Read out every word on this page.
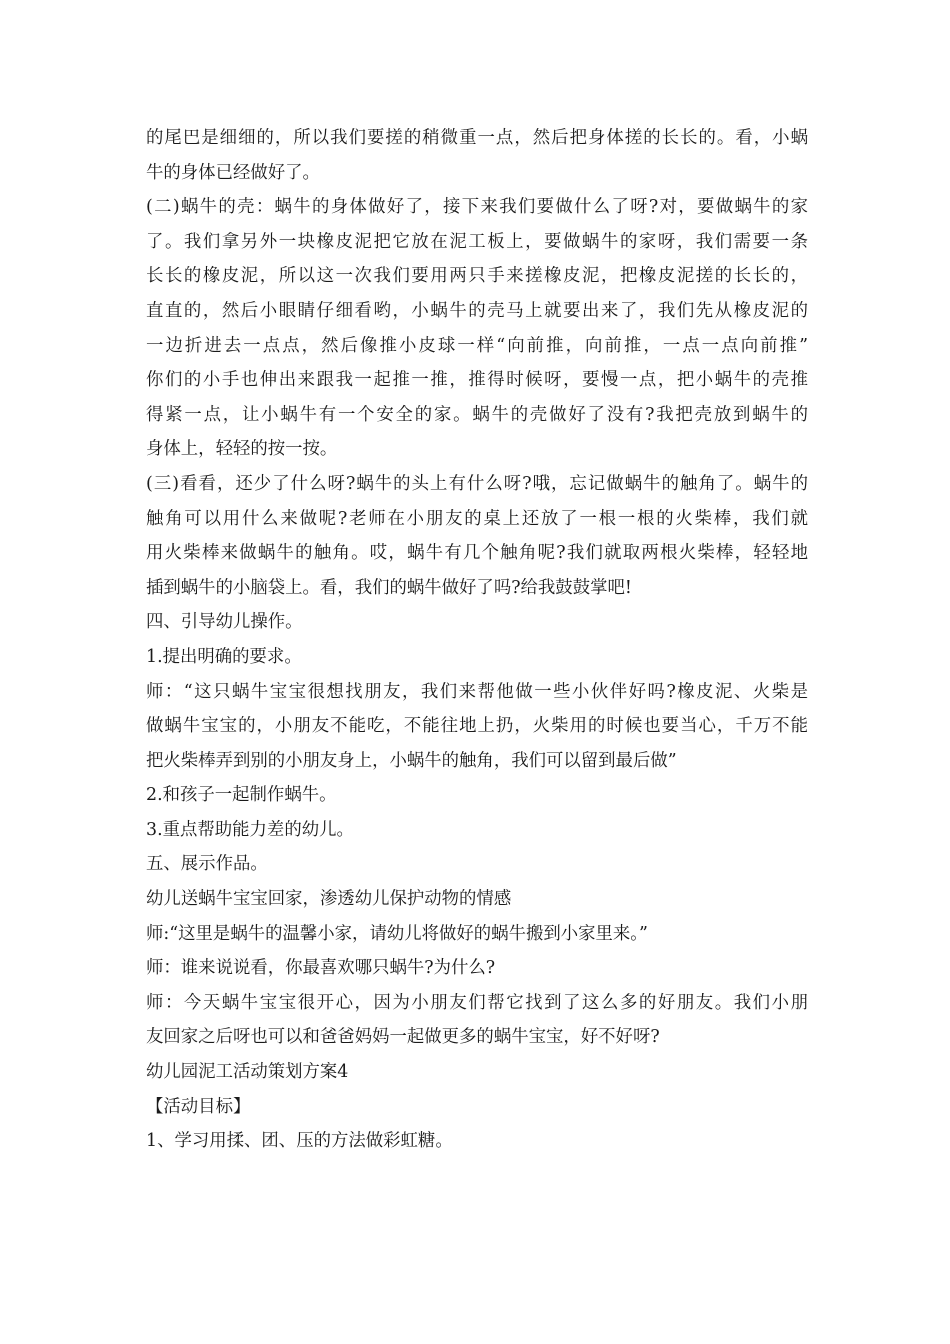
的尾巴是细细的，所以我们要搓的稍微重一点，然后把身体搓的长长的。看，小蜗
牛的身体已经做好了。
(二)蜗牛的壳：蜗牛的身体做好了，接下来我们要做什么了呀?对，要做蜗牛的家
了。我们拿另外一块橡皮泥把它放在泥工板上，要做蜗牛的家呀，我们需要一条
长长的橡皮泥，所以这一次我们要用两只手来搓橡皮泥，把橡皮泥搓的长长的，
直直的，然后小眼睛仔细看哟，小蜗牛的壳马上就要出来了，我们先从橡皮泥的
一边折进去一点点，然后像推小皮球一样“向前推，向前推，一点一点向前推”
你们的小手也伸出来跟我一起推一推，推得时候呀，要慢一点，把小蜗牛的壳推
得紧一点，让小蜗牛有一个安全的家。蜗牛的壳做好了没有?我把壳放到蜗牛的
身体上，轻轻的按一按。
(三)看看，还少了什么呀?蜗牛的头上有什么呀?哦，忘记做蜗牛的触角了。蜗牛的
触角可以用什么来做呢?老师在小朋友的桌上还放了一根一根的火柴棒，我们就
用火柴棒来做蜗牛的触角。哎，蜗牛有几个触角呢?我们就取两根火柴棒，轻轻地
插到蜗牛的小脑袋上。看，我们的蜗牛做好了吗?给我鼓鼓掌吧!
四、引导幼儿操作。
1.提出明确的要求。
师：“这只蜗牛宝宝很想找朋友，我们来帮他做一些小伙伴好吗?橡皮泥、火柴是
做蜗牛宝宝的，小朋友不能吃，不能往地上扔，火柴用的时候也要当心，千万不能
把火柴棒弄到别的小朋友身上，小蜗牛的触角，我们可以留到最后做”
2.和孩子一起制作蜗牛。
3.重点帮助能力差的幼儿。
五、展示作品。
幼儿送蜗牛宝宝回家，渗透幼儿保护动物的情感
师:“这里是蜗牛的温馨小家，请幼儿将做好的蜗牛搬到小家里来。”
师：谁来说说看，你最喜欢哪只蜗牛?为什么?
师：今天蜗牛宝宝很开心，因为小朋友们帮它找到了这么多的好朋友。我们小朋
友回家之后呀也可以和爸爸妈妈一起做更多的蜗牛宝宝，好不好呀?
幼儿园泥工活动策划方案4
【活动目标】
1、学习用揉、团、压的方法做彩虹糖。
